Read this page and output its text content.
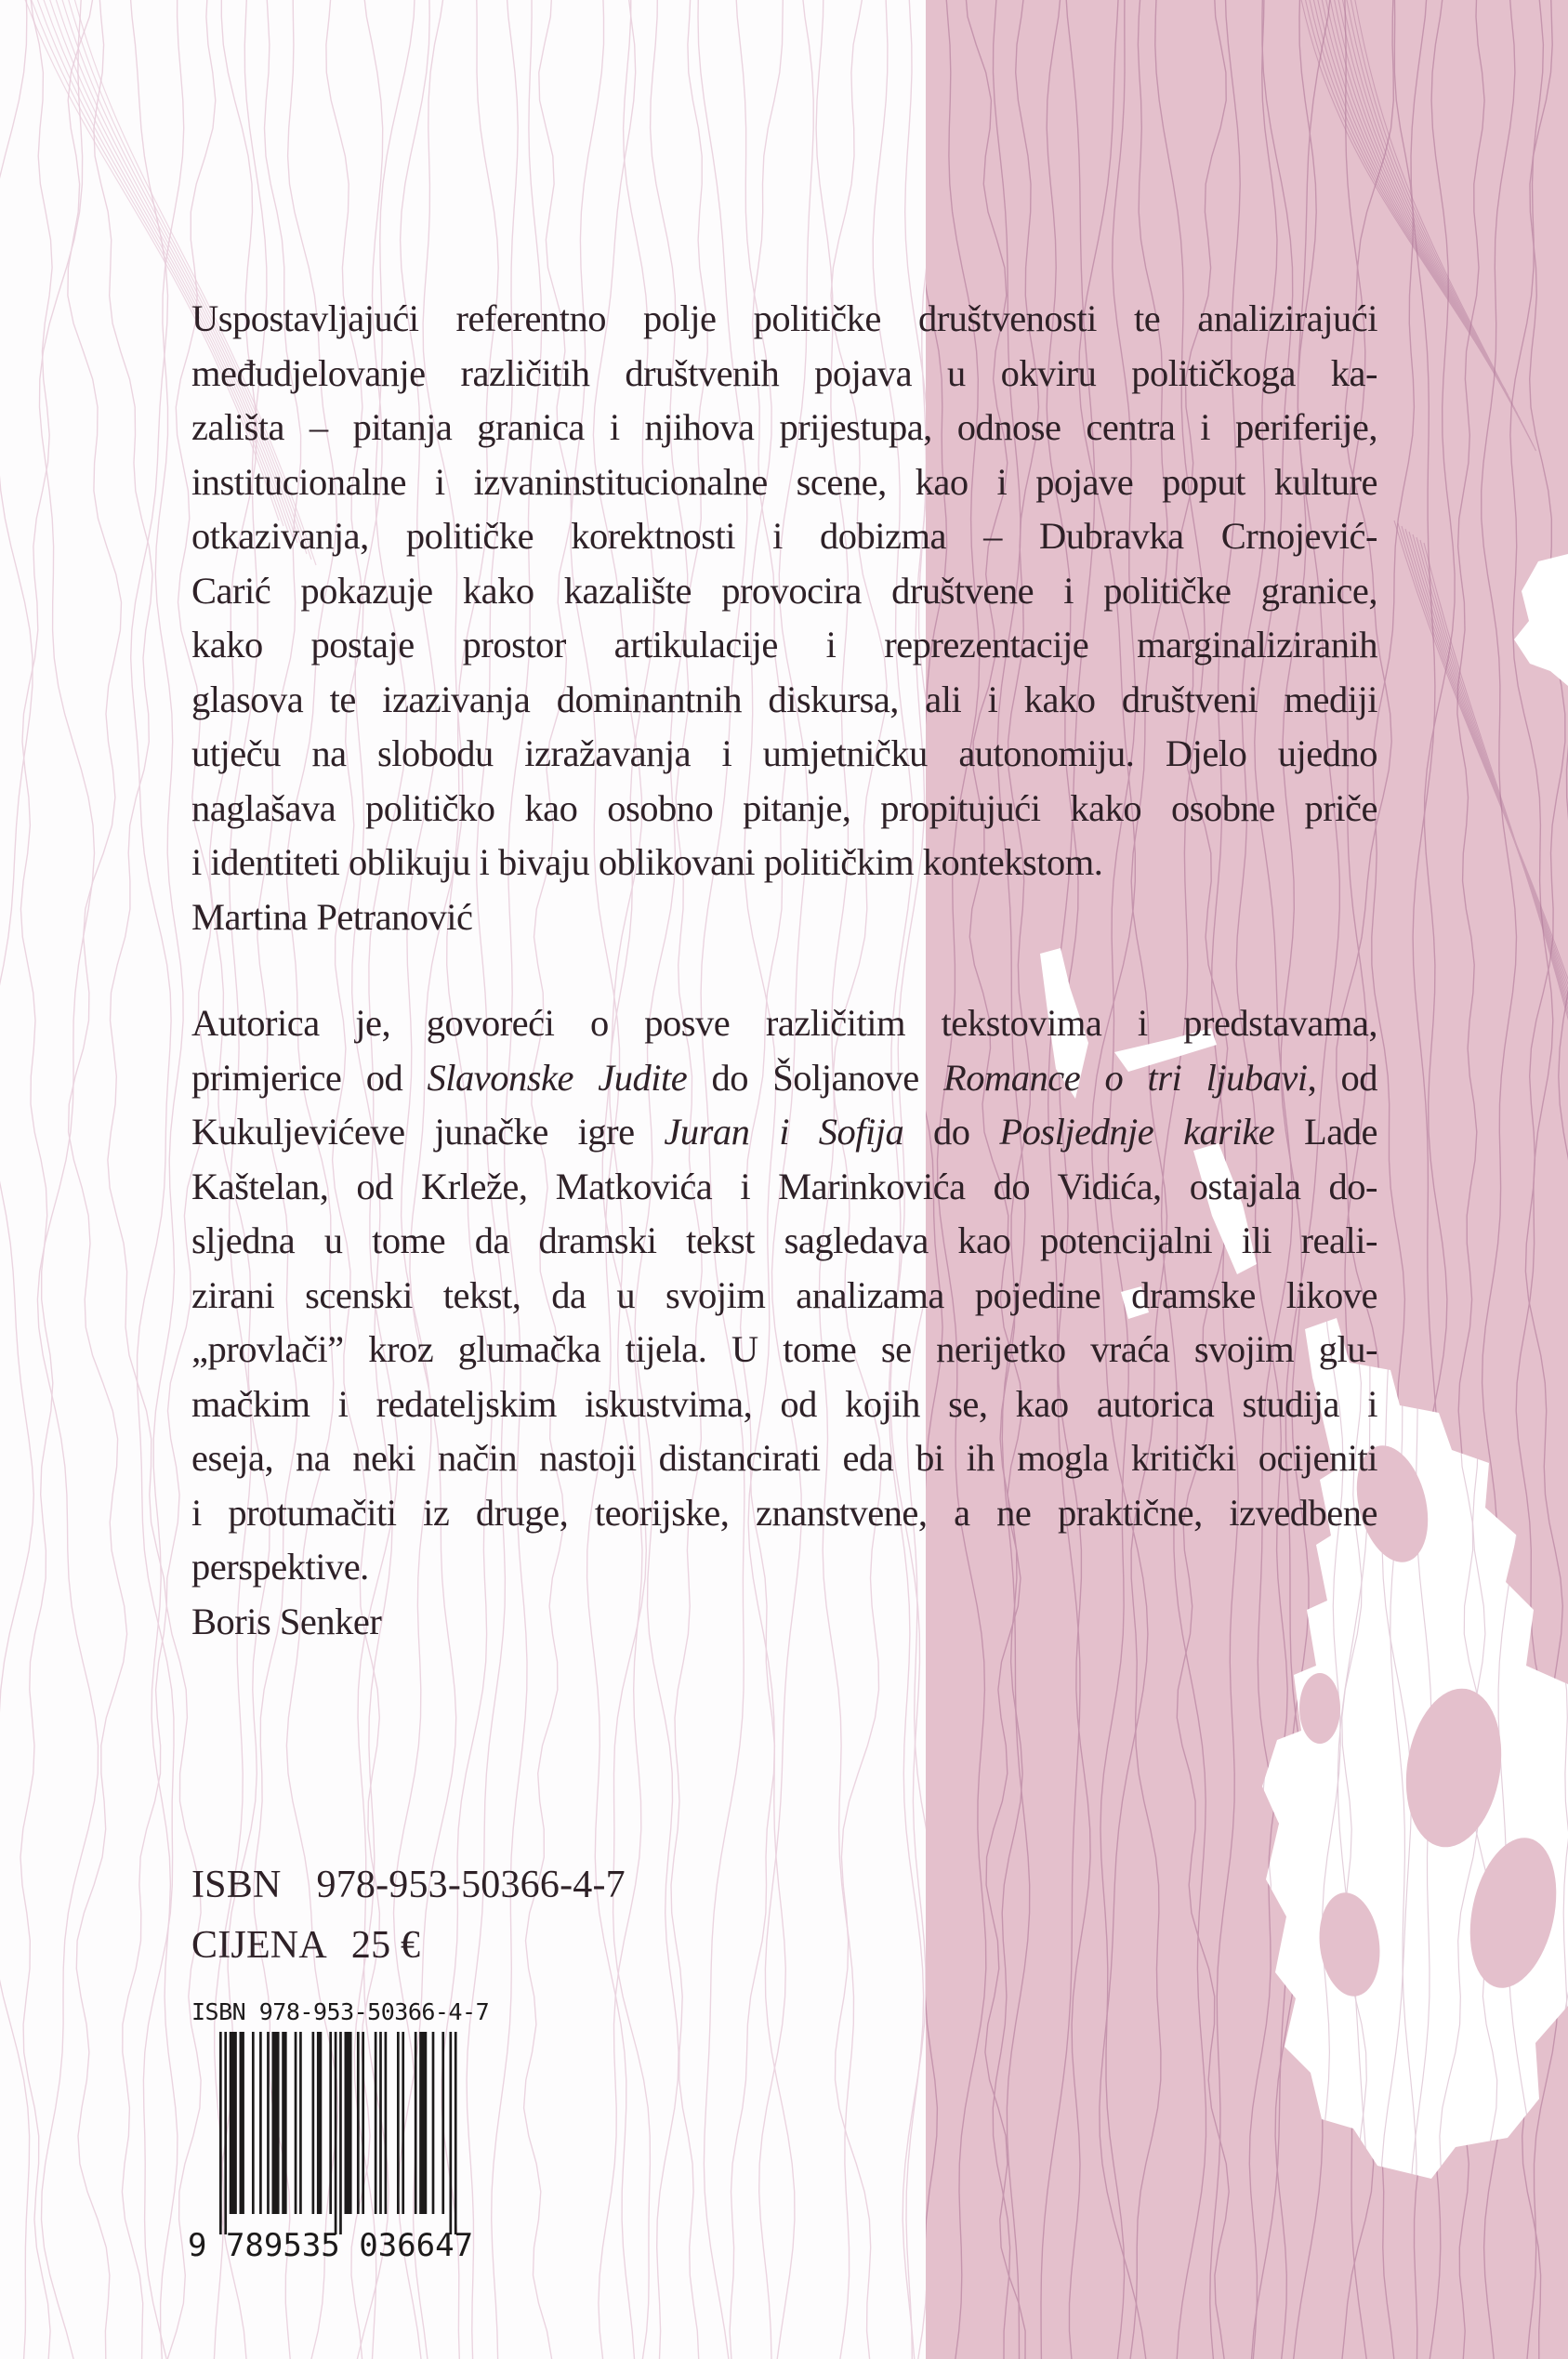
Uspostavljajući referentno polje političke društvenosti te analizirajući
međudjelovanje različitih društvenih pojava u okviru političkoga ka-
zališta – pitanja granica i njihova prijestupa, odnose centra i periferije,
institucionalne i izvaninstitucionalne scene, kao i pojave poput kulture
otkazivanja, političke korektnosti i dobizma – Dubravka Crnojević-
Carić pokazuje kako kazalište provocira društvene i političke granice,
kako postaje prostor artikulacije i reprezentacije marginaliziranih
glasova te izazivanja dominantnih diskursa, ali i kako društveni mediji
utječu na slobodu izražavanja i umjetničku autonomiju. Djelo ujedno
naglašava političko kao osobno pitanje, propitujući kako osobne priče
i identiteti oblikuju i bivaju oblikovani političkim kontekstom.
Martina Petranović
Autorica je, govoreći o posve različitim tekstovima i predstavama,
primjerice od Slavonske Judite do Šoljanove Romance o tri ljubavi, od
Kukuljevićeve junačke igre Juran i Sofija do Posljednje karike Lade
Kaštelan, od Krleže, Matkovića i Marinkovića do Vidića, ostajala do-
sljedna u tome da dramski tekst sagledava kao potencijalni ili reali-
zirani scenski tekst, da u svojim analizama pojedine dramske likove
„provlači” kroz glumačka tijela. U tome se nerijetko vraća svojim glu-
mačkim i redateljskim iskustvima, od kojih se, kao autorica studija i
eseja, na neki način nastoji distancirati eda bi ih mogla kritički ocijeniti
i protumačiti iz druge, teorijske, znanstvene, a ne praktične, izvedbene
perspektive.
Boris Senker
ISBN 978-953-50366-4-7
CIJENA 25 €
ISBN 978-953-50366-4-7
9 789535 036647
